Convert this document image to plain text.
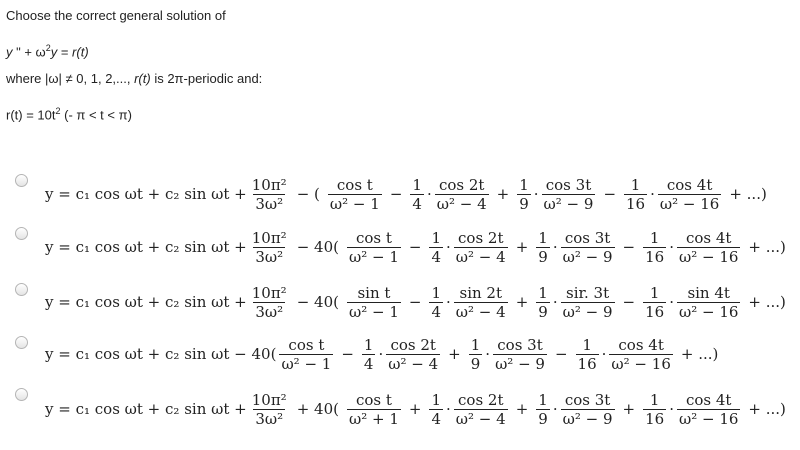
Choose the correct general solution of
y " + $\omega^2y = r(t)$
where |ω| ≠ 0, 1, 2,..., r(t) is 2π-periodic and:
$r(t) = 10t^2$ (- π < t < π)
y = c₁ cos ωt + c₂ $\sin \omega t + \frac{\text{10π²}}{\text{3ω²}}$ − ( $\frac{\text{cos t}}{\text{ω² − 1}} - \frac{1}{4} \cdot \frac{\cos 2t}{\text{ω² − 4}} + \frac{1}{9} \cdot \frac{\cos 3t}{\text{ω² − 9}} - \frac{1}{16} \cdot \frac{\cos 4t}{\text{ω² − 16}}$ + ...)
y = c₁ cos ωt + c₂ $\sin \omega t + \frac{\text{10π²}}{\text{3ω²}} - 40( \frac{\text{cos t}}{\text{ω² − 1}} - \frac{1}{4} \cdot \frac{\cos 2t}{\text{ω² − 4}} + \frac{1}{9} \cdot \frac{\cos 3t}{\text{ω² − 9}} - \frac{1}{16} \cdot \frac{\cos 4t}{\text{ω² − 16}}$ + ...)
y = c₁ cos ωt + c₂ $\sin \omega t + \frac{\text{10π²}}{\text{3ω²}} - 40( \frac{\text{sin t}}{\text{ω² − 1}} - \frac{1}{4} \cdot \frac{\sin 2t}{\text{ω² − 4}} + \frac{1}{9} \cdot \frac{\text{sir. 3t}}{\text{ω² − 9}} - \frac{1}{16} \cdot \frac{\sin 4t}{\text{ω² − 16}}$ + ...)
y = c₁ cos ωt + c₂ $\sin \omega t - 40( \frac{\text{cos t}}{\text{ω² − 1}} - \frac{1}{4} \cdot \frac{\cos 2t}{\text{ω² − 4}} + \frac{1}{9} \cdot \frac{\cos 3t}{\text{ω² − 9}} - \frac{1}{16} \cdot \frac{\cos 4t}{\text{ω² − 16}}$ + ...)
y = c₁ cos ωt + c₂ $\sin \omega t + \frac{\text{10π²}}{\text{3ω²}} + 40( \frac{\text{cos t}}{\text{ω² + 1}} + \frac{1}{4} \cdot \frac{\cos 2t}{\text{ω² − 4}} + \frac{1}{9} \cdot \frac{\cos 3t}{\text{ω² − 9}} + \frac{1}{16} \cdot \frac{\cos 4t}{\text{ω² − 16}}$ + ...)
